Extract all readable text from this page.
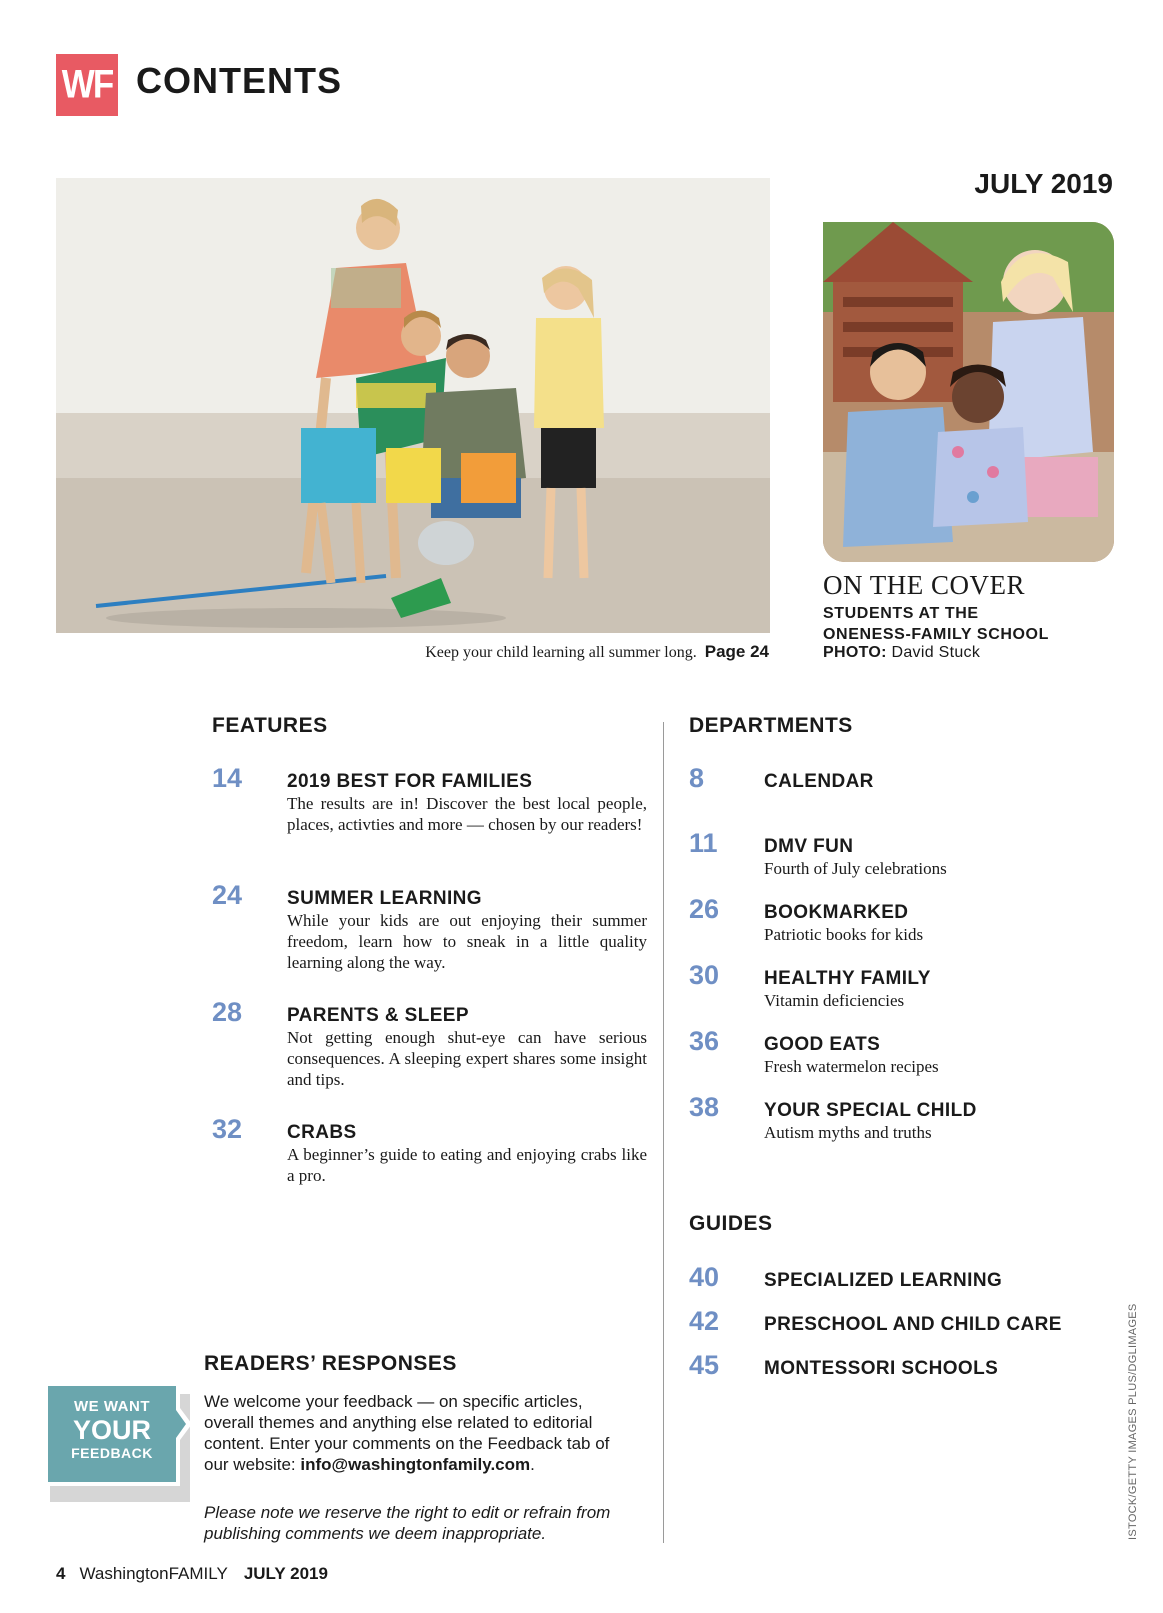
WF CONTENTS
JULY 2019
Keep your child learning all summer long. Page 24
ON THE COVER
STUDENTS AT THE
ONENESS-FAMILY SCHOOL
PHOTO: David Stuck
FEATURES
14 2019 BEST FOR FAMILIES
The results are in! Discover the best local people, places, activties and more — chosen by our readers!
24 SUMMER LEARNING
While your kids are out enjoying their summer freedom, learn how to sneak in a little quality learning along the way.
28 PARENTS & SLEEP
Not getting enough shut-eye can have serious consequences. A sleeping expert shares some insight and tips.
32 CRABS
A beginner’s guide to eating and enjoying crabs like a pro.
DEPARTMENTS
8	CALENDAR
11 DMV FUN
Fourth of July celebrations
26 BOOKMARKED
Patriotic books for kids
30 HEALTHY FAMILY
Vitamin deficiencies
36 GOOD EATS
Fresh watermelon recipes
38 YOUR SPECIAL CHILD
Autism myths and truths
GUIDES
40 SPECIALIZED LEARNING
42 PRESCHOOL AND CHILD CARE
45 MONTESSORI SCHOOLS
WE WANT
YOUR
FEEDBACK
READERS’ RESPONSES
We welcome your feedback — on specific articles, overall themes and anything else related to editorial content. Enter your comments on the Feedback tab of our website: info@washingtonfamily.com.
Please note we reserve the right to edit or refrain from publishing comments we deem inappropriate.	ISTOCK/GETTY IMAGES PLUS/DGLIMAGES
4 WashingtonFAMILY JULY 2019
